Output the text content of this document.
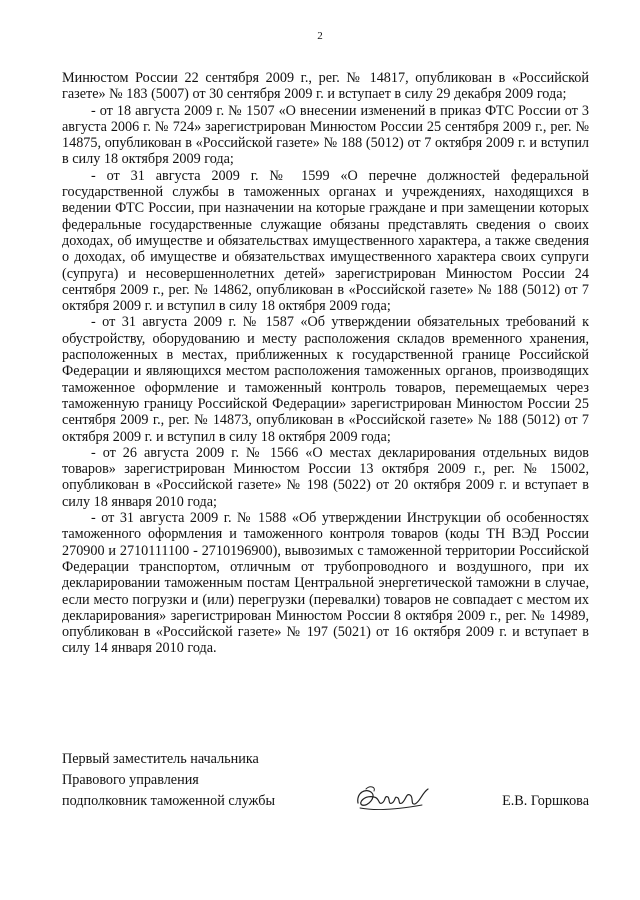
2

Минюстом России 22 сентября 2009 г., рег. № 14817, опубликован в «Российской газете» № 183 (5007) от 30 сентября 2009 г. и вступает в силу 29 декабря 2009 года;

- от 18 августа 2009 г. № 1507 «О внесении изменений в приказ ФТС России от 3 августа 2006 г. № 724» зарегистрирован Минюстом России 25 сентября 2009 г., рег. № 14875, опубликован в «Российской газете» № 188 (5012) от 7 октября 2009 г. и вступил в силу 18 октября 2009 года;

- от 31 августа 2009 г. № 1599 «О перечне должностей федеральной государственной службы в таможенных органах и учреждениях, находящихся в ведении ФТС России, при назначении на которые граждане и при замещении которых федеральные государственные служащие обязаны представлять сведения о своих доходах, об имуществе и обязательствах имущественного характера, а также сведения о доходах, об имуществе и обязательствах имущественного характера своих супруги (супруга) и несовершеннолетних детей» зарегистрирован Минюстом России 24 сентября 2009 г., рег. № 14862, опубликован в «Российской газете» № 188 (5012) от 7 октября 2009 г. и вступил в силу 18 октября 2009 года;

- от 31 августа 2009 г. № 1587 «Об утверждении обязательных требований к обустройству, оборудованию и месту расположения складов временного хранения, расположенных в местах, приближенных к государственной границе Российской Федерации и являющихся местом расположения таможенных органов, производящих таможенное оформление и таможенный контроль товаров, перемещаемых через таможенную границу Российской Федерации» зарегистрирован Минюстом России 25 сентября 2009 г., рег. № 14873, опубликован в «Российской газете» № 188 (5012) от 7 октября 2009 г. и вступил в силу 18 октября 2009 года;

- от 26 августа 2009 г. № 1566 «О местах декларирования отдельных видов товаров» зарегистрирован Минюстом России 13 октября 2009 г., рег. № 15002, опубликован в «Российской газете» № 198 (5022) от 20 октября 2009 г. и вступает в силу 18 января 2010 года;

- от 31 августа 2009 г. № 1588 «Об утверждении Инструкции об особенностях таможенного оформления и таможенного контроля товаров (коды ТН ВЭД России 270900 и 2710111100 - 2710196900), вывозимых с таможенной территории Российской Федерации транспортом, отличным от трубопроводного и воздушного, при их декларировании таможенным постам Центральной энергетической таможни в случае, если место погрузки и (или) перегрузки (перевалки) товаров не совпадает с местом их декларирования» зарегистрирован Минюстом России 8 октября 2009 г., рег. № 14989, опубликован в «Российской газете» № 197 (5021) от 16 октября 2009 г. и вступает в силу 14 января 2010 года.

Первый заместитель начальника
Правового управления
подполковник таможенной службы	Е.В. Горшкова
